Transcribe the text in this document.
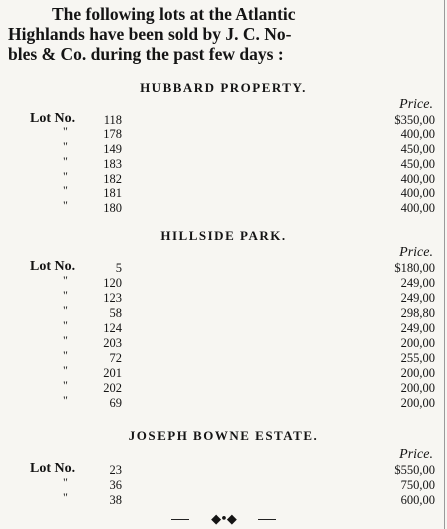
The following lots at the Atlantic
Highlands have been sold by J. C. No-
bles & Co. during the past few days :
HUBBARD PROPERTY.
Price.
Lot No.	118	$350,00
"	178	400,00
"	149	450,00
"	183	450,00
"	182	400,00
"	181	400,00
"	180	400,00
HILLSIDE PARK.
Price.
Lot No.	5	$180,00
"	120	249,00
"	123	249,00
"	58	298,80
"	124	249,00
"	203	200,00
"	72	255,00
"	201	200,00
"	202	200,00
"	69	200,00
JOSEPH BOWNE ESTATE.
Price.
Lot No.	23	$550,00
"	36	750,00
"	38	600,00
◆•◆
